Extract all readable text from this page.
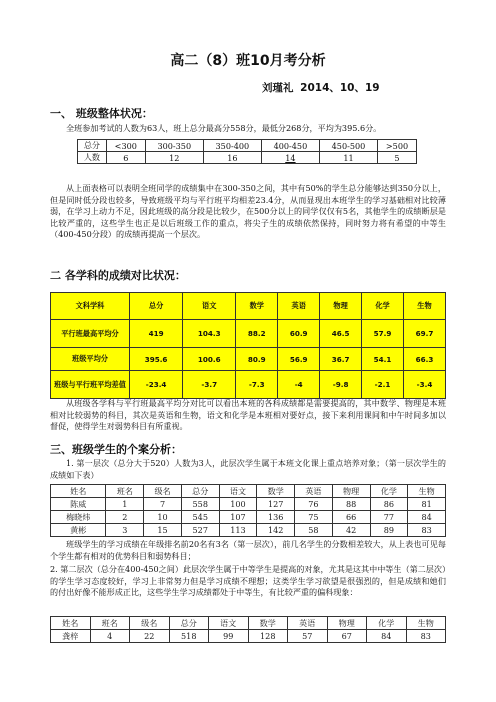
高二（8）班10月考分析
刘瑾礼 2014、10、19
一、 班级整体状况：
全班参加考试的人数为63人，班上总分最高分558分，最低分268分，平均为395.6分。
总分	<300	300-350	350-400	400-450	450-500	>500
人数	6	12	16	14	11	5
从上面表格可以表明全班同学的成绩集中在300-350之间，其中有50%的学生总分能够达到350分以上，但是同时低分段也较多，导致班级平均与平行班平均相差23.4分，从而显现出本班学生的学习基础相对比较薄弱，在学习上动力不足，因此班级的高分段是比较少，在500分以上的同学仅仅有5名，其他学生的成绩断层是比较严重的，这些学生也正是以后班级工作的重点，将尖子生的成绩依然保持，同时努力将有希望的中等生（400-450分段）的成绩再提高一个层次。
二 各学科的成绩对比状况：
文科学科	总分	语文	数学	英语	物理	化学	生物
平行班最高平均分	419	104.3	88.2	60.9	46.5	57.9	69.7
班级平均分	395.6	100.6	80.9	56.9	36.7	54.1	66.3
班级与平行班平均差值	-23.4	-3.7	-7.3	-4	-9.8	-2.1	-3.4
从班级各学科与平行班最高平均分对比可以看出本班的各科成绩都是需要提高的，其中数学、物理是本班相对比较弱势的科目，其次是英语和生物，语文和化学是本班相对要好点，接下来利用课间和中午时间多加以督促，使得学生对弱势科目有所重视。
三、班级学生的个案分析：
1. 第一层次（总分大于520）人数为3人，此层次学生属于本班文化课上重点培养对象；（第一层次学生的成绩如下表）
姓名	班名	级名	总分	语文	数学	英语	物理	化学	生物
陈威	1	7	558	100	127	76	88	86	81
梅晓炜	2	10	545	107	136	75	66	77	84
黄彬	3	15	527	113	142	58	42	89	83
班级学生的学习成绩在年级排名前20名有3名（第一层次），前几名学生的分数相差较大，从上表也可见每个学生都有相对的优势科目和弱势科目；
2. 第二层次（总分在400-450之间）此层次学生属于中等学生是提高的对象，尤其是这其中中等生（第二层次）的学生学习态度较好，学习上非常努力但是学习成绩不理想；这类学生学习欲望是很强烈的，但是成绩和她们的付出好像不能形成正比，这些学生学习成绩都处于中等生，有比较严重的偏科现象：
姓名	班名	级名	总分	语文	数学	英语	物理	化学	生物
龚梓	4	22	518	99	128	57	67	84	83
